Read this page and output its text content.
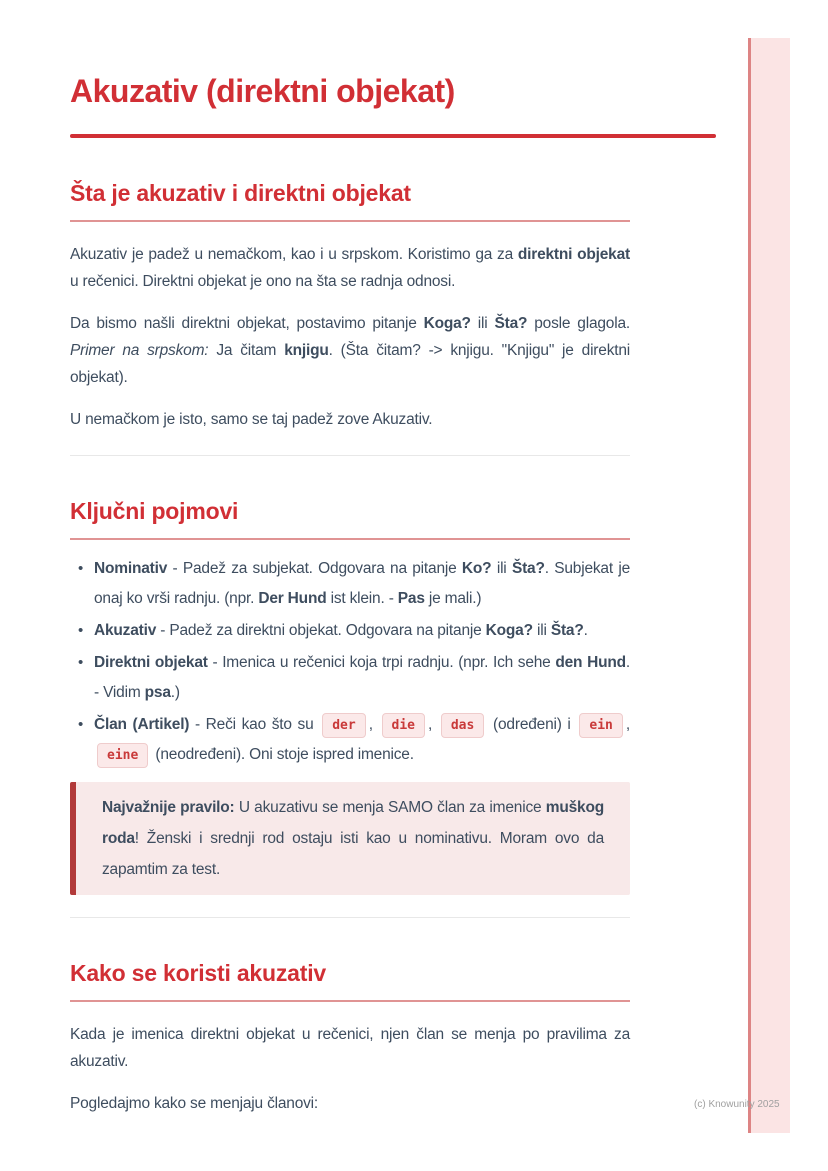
Akuzativ (direktni objekat)
Šta je akuzativ i direktni objekat

Akuzativ je padež u nemačkom, kao i u srpskom. Koristimo ga za direktni objekat u rečenici. Direktni objekat je ono na šta se radnja odnosi.

Da bismo našli direktni objekat, postavimo pitanje Koga? ili Šta? posle glagola. Primer na srpskom: Ja čitam knjigu. (Šta čitam? -> knjigu. "Knjigu" je direktni objekat).

U nemačkom je isto, samo se taj padež zove Akuzativ.

Ključni pojmovi
• Nominativ - Padež za subjekat. Odgovara na pitanje Ko? ili Šta?. Subjekat je onaj ko vrši radnju. (npr. Der Hund ist klein. - Pas je mali.)
• Akuzativ - Padež za direktni objekat. Odgovara na pitanje Koga? ili Šta?.
• Direktni objekat - Imenica u rečenici koja trpi radnju. (npr. Ich sehe den Hund. - Vidim psa.)
• Član (Artikel) - Reči kao što su der , die , das (određeni) i ein , eine (neodređeni). Oni stoje ispred imenice.

Najvažnije pravilo: U akuzativu se menja SAMO član za imenice muškog roda! Ženski i srednji rod ostaju isti kao u nominativu. Moram ovo da zapamtim za test.

Kako se koristi akuzativ

Kada je imenica direktni objekat u rečenici, njen član se menja po pravilima za akuzativ.

Pogledajmo kako se menjaju članovi:	(c) Knowunity 2025
